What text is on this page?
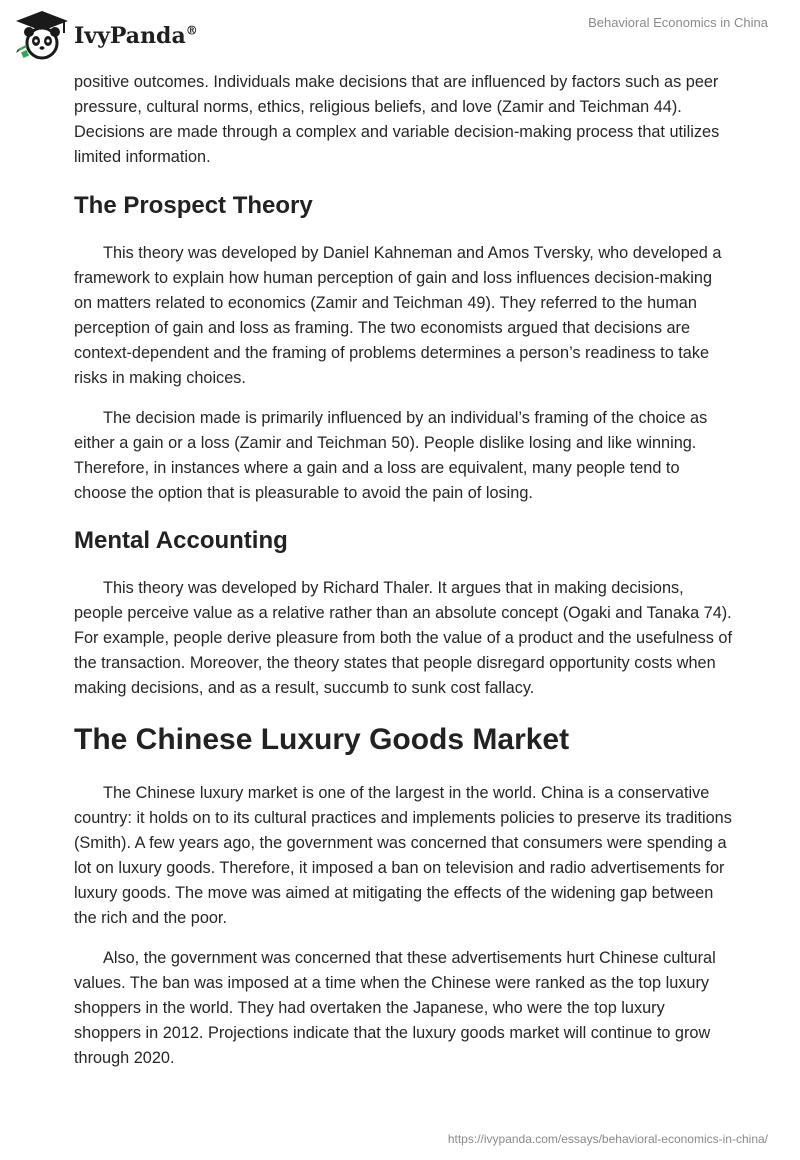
IvyPanda®
Behavioral Economics in China

positive outcomes. Individuals make decisions that are influenced by factors such as peer pressure, cultural norms, ethics, religious beliefs, and love (Zamir and Teichman 44). Decisions are made through a complex and variable decision-making process that utilizes limited information.

The Prospect Theory

This theory was developed by Daniel Kahneman and Amos Tversky, who developed a framework to explain how human perception of gain and loss influences decision-making on matters related to economics (Zamir and Teichman 49). They referred to the human perception of gain and loss as framing. The two economists argued that decisions are context-dependent and the framing of problems determines a person’s readiness to take risks in making choices.

The decision made is primarily influenced by an individual’s framing of the choice as either a gain or a loss (Zamir and Teichman 50). People dislike losing and like winning. Therefore, in instances where a gain and a loss are equivalent, many people tend to choose the option that is pleasurable to avoid the pain of losing.

Mental Accounting

This theory was developed by Richard Thaler. It argues that in making decisions, people perceive value as a relative rather than an absolute concept (Ogaki and Tanaka 74). For example, people derive pleasure from both the value of a product and the usefulness of the transaction. Moreover, the theory states that people disregard opportunity costs when making decisions, and as a result, succumb to sunk cost fallacy.

The Chinese Luxury Goods Market

The Chinese luxury market is one of the largest in the world. China is a conservative country: it holds on to its cultural practices and implements policies to preserve its traditions (Smith). A few years ago, the government was concerned that consumers were spending a lot on luxury goods. Therefore, it imposed a ban on television and radio advertisements for luxury goods. The move was aimed at mitigating the effects of the widening gap between the rich and the poor.

Also, the government was concerned that these advertisements hurt Chinese cultural values. The ban was imposed at a time when the Chinese were ranked as the top luxury shoppers in the world. They had overtaken the Japanese, who were the top luxury shoppers in 2012. Projections indicate that the luxury goods market will continue to grow through 2020.

https://ivypanda.com/essays/behavioral-economics-in-china/
